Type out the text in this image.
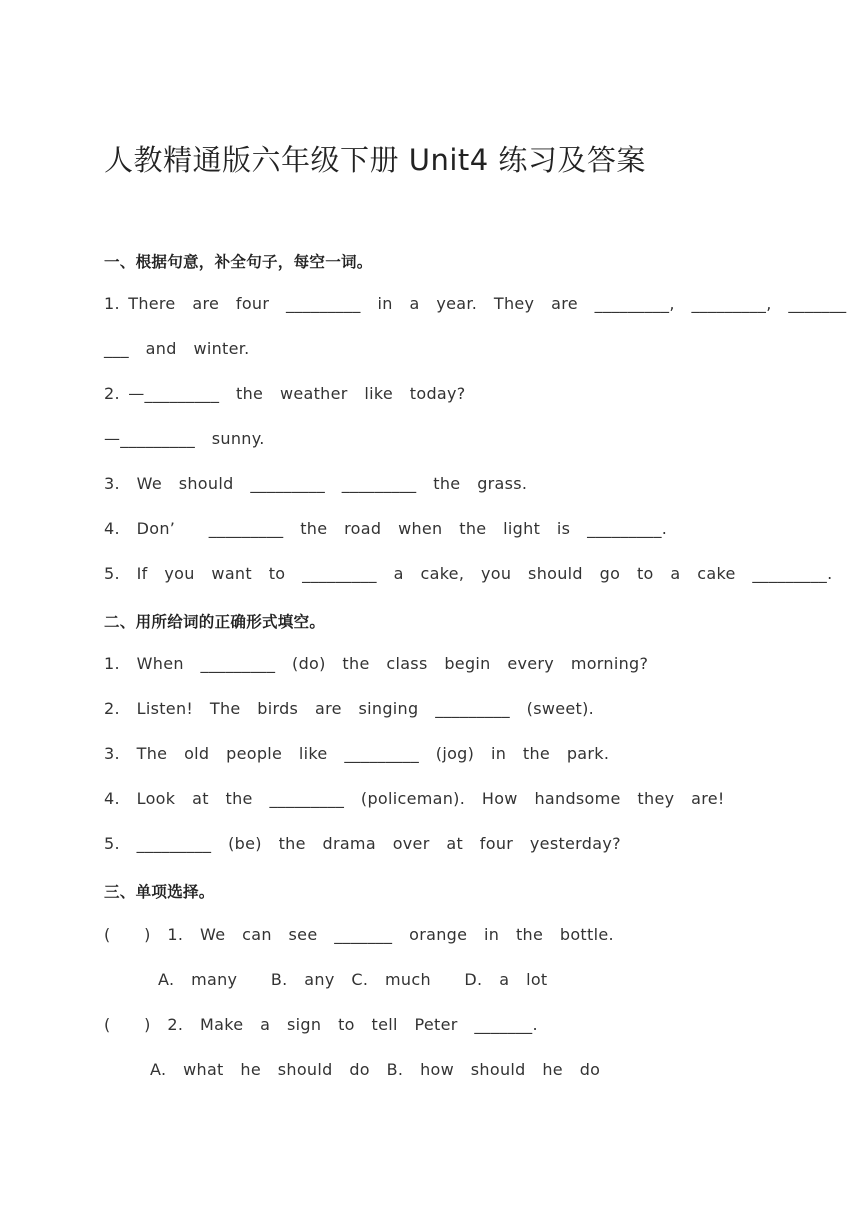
人教精通版六年级下册 Unit4 练习及答案
一、根据句意，补全句子，每空一词。
1. There  are  four  _________  in  a  year.  They  are  _________,  _________,  _______
___  and  winter.
2. —_________  the  weather  like  today?
—_________  sunny.
3.  We  should  _________  _________  the  grass.
4.  Don’    _________  the  road  when  the  light  is  _________.
5.  If  you  want  to  _________  a  cake,  you  should  go  to  a  cake  _________.
二、用所给词的正确形式填空。
1.  When  _________  (do)  the  class  begin  every  morning?
2.  Listen!  The  birds  are  singing  _________  (sweet).
3.  The  old  people  like  _________  (jog)  in  the  park.
4.  Look  at  the  _________  (policeman).  How  handsome  they  are!
5.  _________  (be)  the  drama  over  at  four  yesterday?
三、单项选择。
(    )  1.  We  can  see  _______  orange  in  the  bottle.
A.  many    B.  any  C.  much    D.  a  lot
(    )  2.  Make  a  sign  to  tell  Peter  _______.
A.  what  he  should  do  B.  how  should  he  do
